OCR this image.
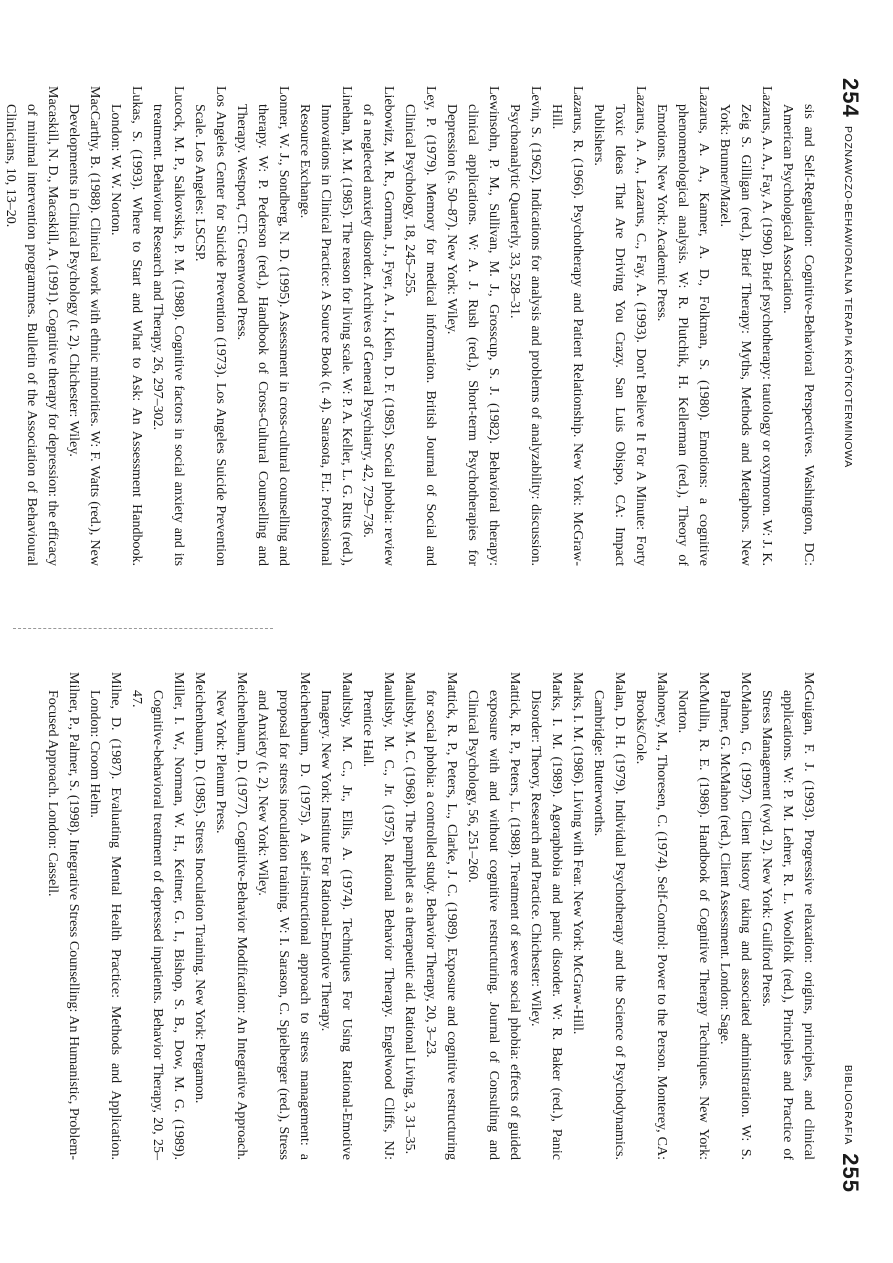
254
POZNAWCZO-BEHAWIORALNA TERAPIA KRÓTKOTERMINOWA
sis and Self-Regulation: Cognitive-Behavioral Perspectives. Washington, DC: American Psychological Association.
Lazarus, A. A., Fay, A. (1990). Brief psychotherapy: tautology or oxymoron. W: J. K. Zeig S. Gilligan (red.), Brief Therapy: Myths, Methods and Metaphors. New York: Brunner/Mazel.
Lazarus, A. A., Kanner, A. D., Folkman, S. (1980). Emotions: a cognitive phenomenological analysis. W: R. Plutchik, H. Kellerman (red.), Theory of Emotions. New York: Academic Press.
Lazarus, A. A., Lazarus, C., Fay, A. (1993). Don't Believe It For A Minute: Forty Toxic Ideas That Are Driving You Crazy. San Luis Obispo, CA: Impact Publishers.
Lazarus, R. (1966). Psychotherapy and Patient Relationship. New York: McGraw-Hill.
Levin, S. (1962). Indications for analysis and problems of analyzability: discussion. Psychoanalytic Quarterly, 33, 528–31.
Lewinsohn, P. M., Sullivan, M. J., Grosscup, S. J. (1982). Behavioral therapy: clinical applications. W: A. J. Rush (red.), Short-term Psychotherapies for Depression (s. 50–87). New York: Wiley.
Ley, P. (1979). Memory for medical information. British Journal of Social and Clinical Psychology, 18, 245–255.
Liebowitz, M. R., Gorman, J., Fyer, A. J., Klein, D. F. (1985). Social phobia: review of a neglected anxiety disorder. Archives of General Psychiatry, 42, 729–736.
Linehan, M. M. (1985). The reason for living scale. W: P. A. Keller, L. G. Ritts (red.), Innovations in Clinical Practice: A Source Book (t. 4). Sarasota, FL: Professional Resource Exchange.
Lonner, W. J., Sondberg, N. D. (1995). Assessment in cross-cultural counselling and therapy. W: P. Pederson (red.), Handbook of Cross-Cultural Counselling and Therapy. Westport, CT: Greenwood Press.
Los Angeles Center for Suicide Prevention (1973). Los Angeles Suicide Prevention Scale. Los Angeles: LSCSP.
Lucock, M. P., Salkovskis, P. M. (1988). Cognitive factors in social anxiety and its treatment. Behaviour Research and Therapy, 26, 297–302.
Lukas, S. (1993). Where to Start and What to Ask: An Assessment Handbook. London: W. W. Norton.
MacCarthy, B. (1988). Clinical work with ethnic minorities. W: F. Watts (red.), New Developments in Clinical Psychology (t. 2). Chichester: Wiley.
Macaskill, N. D., Macaskill, A. (1991). Cognitive therapy for depression: the efficacy of minimal intervention programmes. Bulletin of the Association of Behavioural Clinicians, 10, 13–20.
BIBLIOGRAFIA
255
McGuigan, F. J. (1993). Progressive relaxation: origins, principles, and clinical applications. W: P. M. Lehrer, R. L. Woolfolk (red.), Principles and Practice of Stress Management (wyd. 2). New York: Guilford Press.
McMahon, G. (1997). Client history taking and associated administration. W: S. Palmer, G. McMahon (red.), Client Assessment. London: Sage.
McMullin, R. E. (1986). Handbook of Cognitive Therapy Techniques. New York: Norton.
Mahoney, M., Thoresen, C. (1974). Self-Control: Power to the Person. Monterey, CA: Brooks/Cole.
Malan, D. H. (1979). Individual Psychotherapy and the Science of Psychodynamics. Cambridge: Butterworths.
Marks, I. M. (1986). Living with Fear. New York: McGraw-Hill.
Marks, I. M. (1989). Agoraphobia and panic disorder. W: R. Baker (red.), Panic Disorder: Theory, Research and Practice. Chichester: Wiley.
Mattick, R. P., Peters, L. (1988). Treatment of severe social phobia: effects of guided exposure with and without cognitive restructuring. Journal of Consulting and Clinical Psychology, 56, 251–260.
Mattick, R. P., Peters, L., Clarke, J. C. (1989). Exposure and cognitive restructuring for social phobia: a controlled study. Behavior Therapy, 20, 3–23.
Maultsby, M. C. (1968). The pamphlet as a therapeutic aid. Rational Living, 3, 31–35.
Maultsby, M. C., Jr. (1975). Rational Behavior Therapy. Engelwood Cliffs, NJ: Prentice Hall.
Maultsby, M. C., Jr., Ellis, A. (1974). Techniques For Using Rational-Emotive Imagery. New York: Institute For Rational-Emotive Therapy.
Meichenbaum, D. (1975). A self-instructional approach to stress management: a proposal for stress inoculation training. W: I. Sarason, C. Spielberger (red.), Stress and Anxiety (t. 2). New York: Wiley.
Meichenbaum, D. (1977). Cognitive-Behavior Modification: An Integrative Approach. New York: Plenum Press.
Meichenbaum, D. (1985). Stress Inoculation Training. New York: Pergamon.
Miller, I. W., Norman, W. H., Keitner, G. I., Bishop, S. B., Dow, M. G. (1989). Cognitive-behavioral treatment of depressed inpatients. Behavior Therapy, 20, 25–47.
Milne, D. (1987). Evaluating Mental Health Practice: Methods and Application. London: Croom Helm.
Milner, P., Palmer, S. (1998). Integrative Stress Counselling: An Humanistic, Problem-Focused Approach. London: Cassell.
